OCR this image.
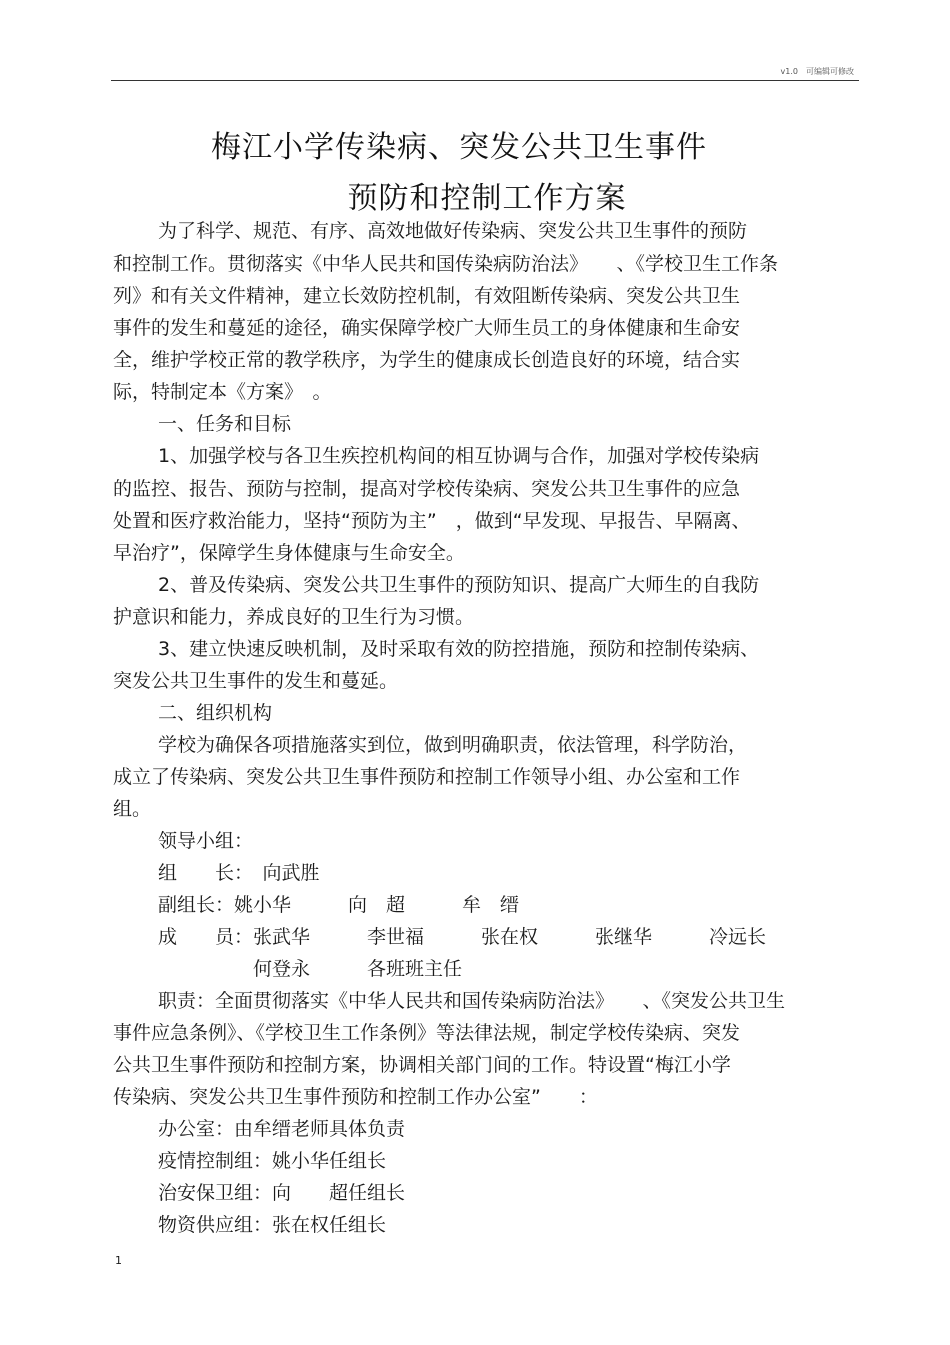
v1.0　可编辑可修改
梅江小学传染病、突发公共卫生事件
预防和控制工作方案
为了科学、规范、有序、高效地做好传染病、突发公共卫生事件的预防
和控制工作。贯彻落实《中华人民共和国传染病防治法》　　、《学校卫生工作条
列》和有关文件精神，建立长效防控机制，有效阻断传染病、突发公共卫生
事件的发生和蔓延的途径，确实保障学校广大师生员工的身体健康和生命安
全，维护学校正常的教学秩序，为学生的健康成长创造良好的环境，结合实
际，特制定本《方案》　。
一、任务和目标
1、加强学校与各卫生疾控机构间的相互协调与合作，加强对学校传染病
的监控、报告、预防与控制，提高对学校传染病、突发公共卫生事件的应急
处置和医疗救治能力，坚持“预防为主”　，做到“早发现、早报告、早隔离、
早治疗”，保障学生身体健康与生命安全。
2、普及传染病、突发公共卫生事件的预防知识、提高广大师生的自我防
护意识和能力，养成良好的卫生行为习惯。
3、建立快速反映机制，及时采取有效的防控措施，预防和控制传染病、
突发公共卫生事件的发生和蔓延。
二、组织机构
学校为确保各项措施落实到位，做到明确职责，依法管理，科学防治，
成立了传染病、突发公共卫生事件预防和控制工作领导小组、办公室和工作
组。
领导小组：
组　　长：　向武胜
副组长：姚小华　　　向　超　　　牟　缙
成　　员：张武华　　　李世福　　　张在权　　　张继华　　　冷远长
　　　　　何登永　　　各班班主任
职责：全面贯彻落实《中华人民共和国传染病防治法》　　、《突发公共卫生
事件应急条例》、《学校卫生工作条例》等法律法规，制定学校传染病、突发
公共卫生事件预防和控制方案，协调相关部门间的工作。特设置“梅江小学
传染病、突发公共卫生事件预防和控制工作办公室”　　：
办公室：由牟缙老师具体负责
疫情控制组：姚小华任组长
治安保卫组：向　　超任组长
物资供应组：张在权任组长
1
